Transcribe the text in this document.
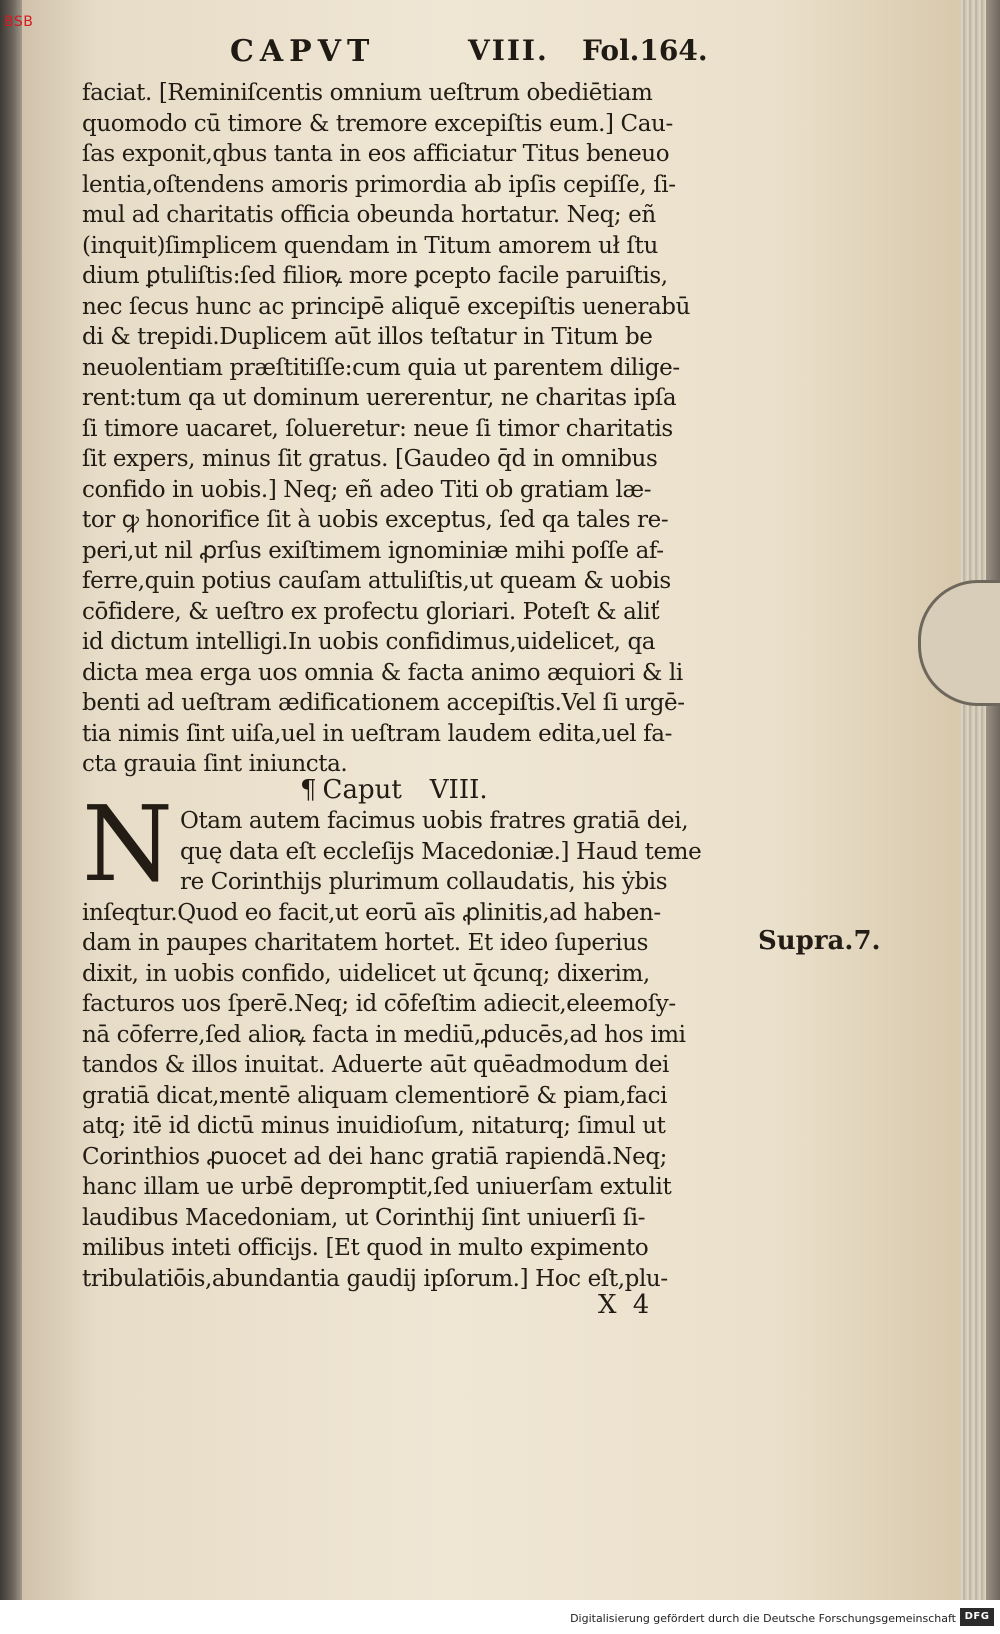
BSB
CAPVT	VIII. Fol.164.
faciat. [Reminiſcentis omnium ueſtrum obediētiam
quomodo cū timore & tremore excepiſtis eum.] Cau-
ſas exponit,qbus tanta in eos afficiatur Titus beneuo
lentia,oſtendens amoris primordia ab ipſis cepiſſe, ſi-
mul ad charitatis officia obeunda hortatur. Neq; eñ
(inquit)ſimplicem quendam in Titum amorem uł ſtu
dium ꝑtuliſtis:ſed filioꝶ more ꝑcepto facile paruiſtis,
nec ſecus hunc ac principē aliquē excepiſtis uenerabū
di & trepidi.Duplicem aūt illos teſtatur in Titum be
neuolentiam præſtitiſſe:cum quia ut parentem dilige-
rent:tum qa ut dominum uererentur, ne charitas ipſa
ſi timore uacaret, ſolueretur: neue ſi timor charitatis
ſit expers, minus ſit gratus. [Gaudeo q̄d in omnibus
confido in uobis.] Neq; eñ adeo Titi ob gratiam læ-
tor ꝙ honorifice ſit à uobis exceptus, ſed qa tales re-
peri,ut nil ꝓrſus exiſtimem ignominiæ mihi poſſe af-
ferre,quin potius cauſam attuliſtis,ut queam & uobis
cōfidere, & ueſtro ex profectu gloriari. Poteſt & aliť
id dictum intelligi.In uobis confidimus,uidelicet, qa
dicta mea erga uos omnia & facta animo æquiori & li
benti ad ueſtram ædificationem accepiſtis.Vel ſi urgē-
tia nimis ſint uiſa,uel in ueſtram laudem edita,uel fa-
cta grauia ſint iniuncta.
¶ Caput VIII.
N Otam autem facimus uobis fratres gratiā dei,
quę data eſt eccleſijs Macedoniæ.] Haud teme
re Corinthijs plurimum collaudatis, his ẏbis
inſeqtur.Quod eo facit,ut eorū aīs ꝓlinitis,ad haben-
dam in paupes charitatem hortet. Et ideo ſuperius
dixit, in uobis confido, uidelicet ut q̄cunq; dixerim,
facturos uos ſperē.Neq; id cōfeſtim adiecit,eleemoſy-
nā cōferre,ſed alioꝶ facta in mediū,ꝓducēs,ad hos imi
tandos & illos inuitat. Aduerte aūt quēadmodum dei
gratiā dicat,mentē aliquam clementiorē & piam,faci
atq; itē id dictū minus inuidioſum, nitaturq; ſimul ut
Corinthios ꝓuocet ad dei hanc gratiā rapiendā.Neq;
hanc illam ue urbē depromptit,ſed uniuerſam extulit
laudibus Macedoniam, ut Corinthij ſint uniuerſi ſi-
milibus inteti officijs. [Et quod in multo expimento
tribulatiōis,abundantia gaudij ipſorum.] Hoc eſt,plu-
Supra.7.
X 4
Digitalisierung gefördert durch die Deutsche Forschungsgemeinschaft DFG
